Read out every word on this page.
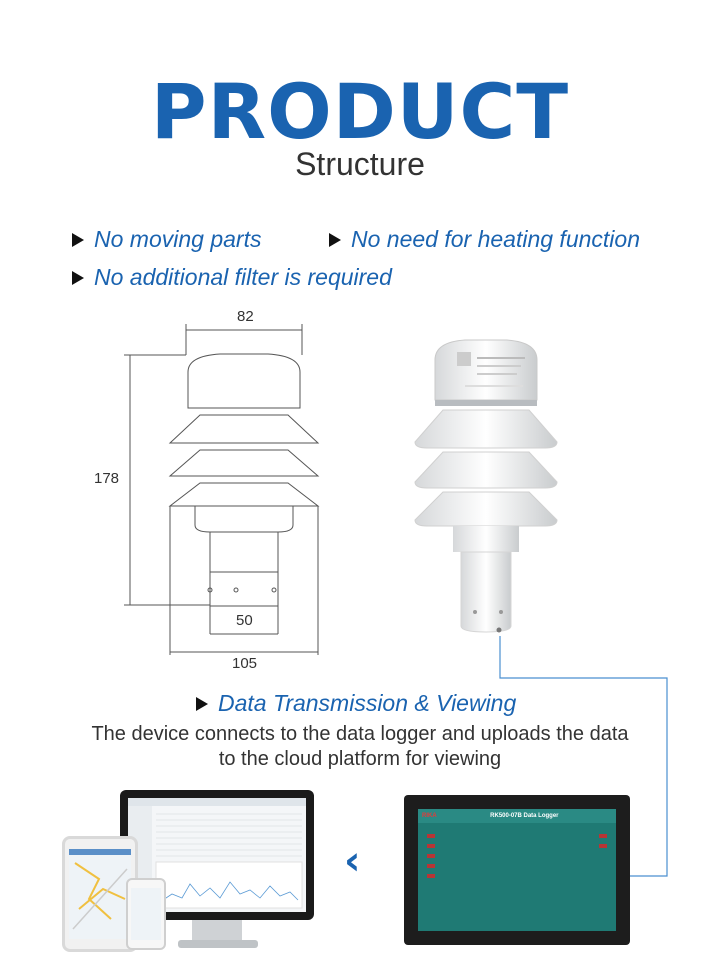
PRODUCT
Structure
No moving parts	No need for heating function
No additional filter is required
82
178
50
105
Data Transmission & Viewing
The device connects to the data logger and uploads the data
to the cloud platform for viewing
‹
RIKA	RK500-07B Data Logger
